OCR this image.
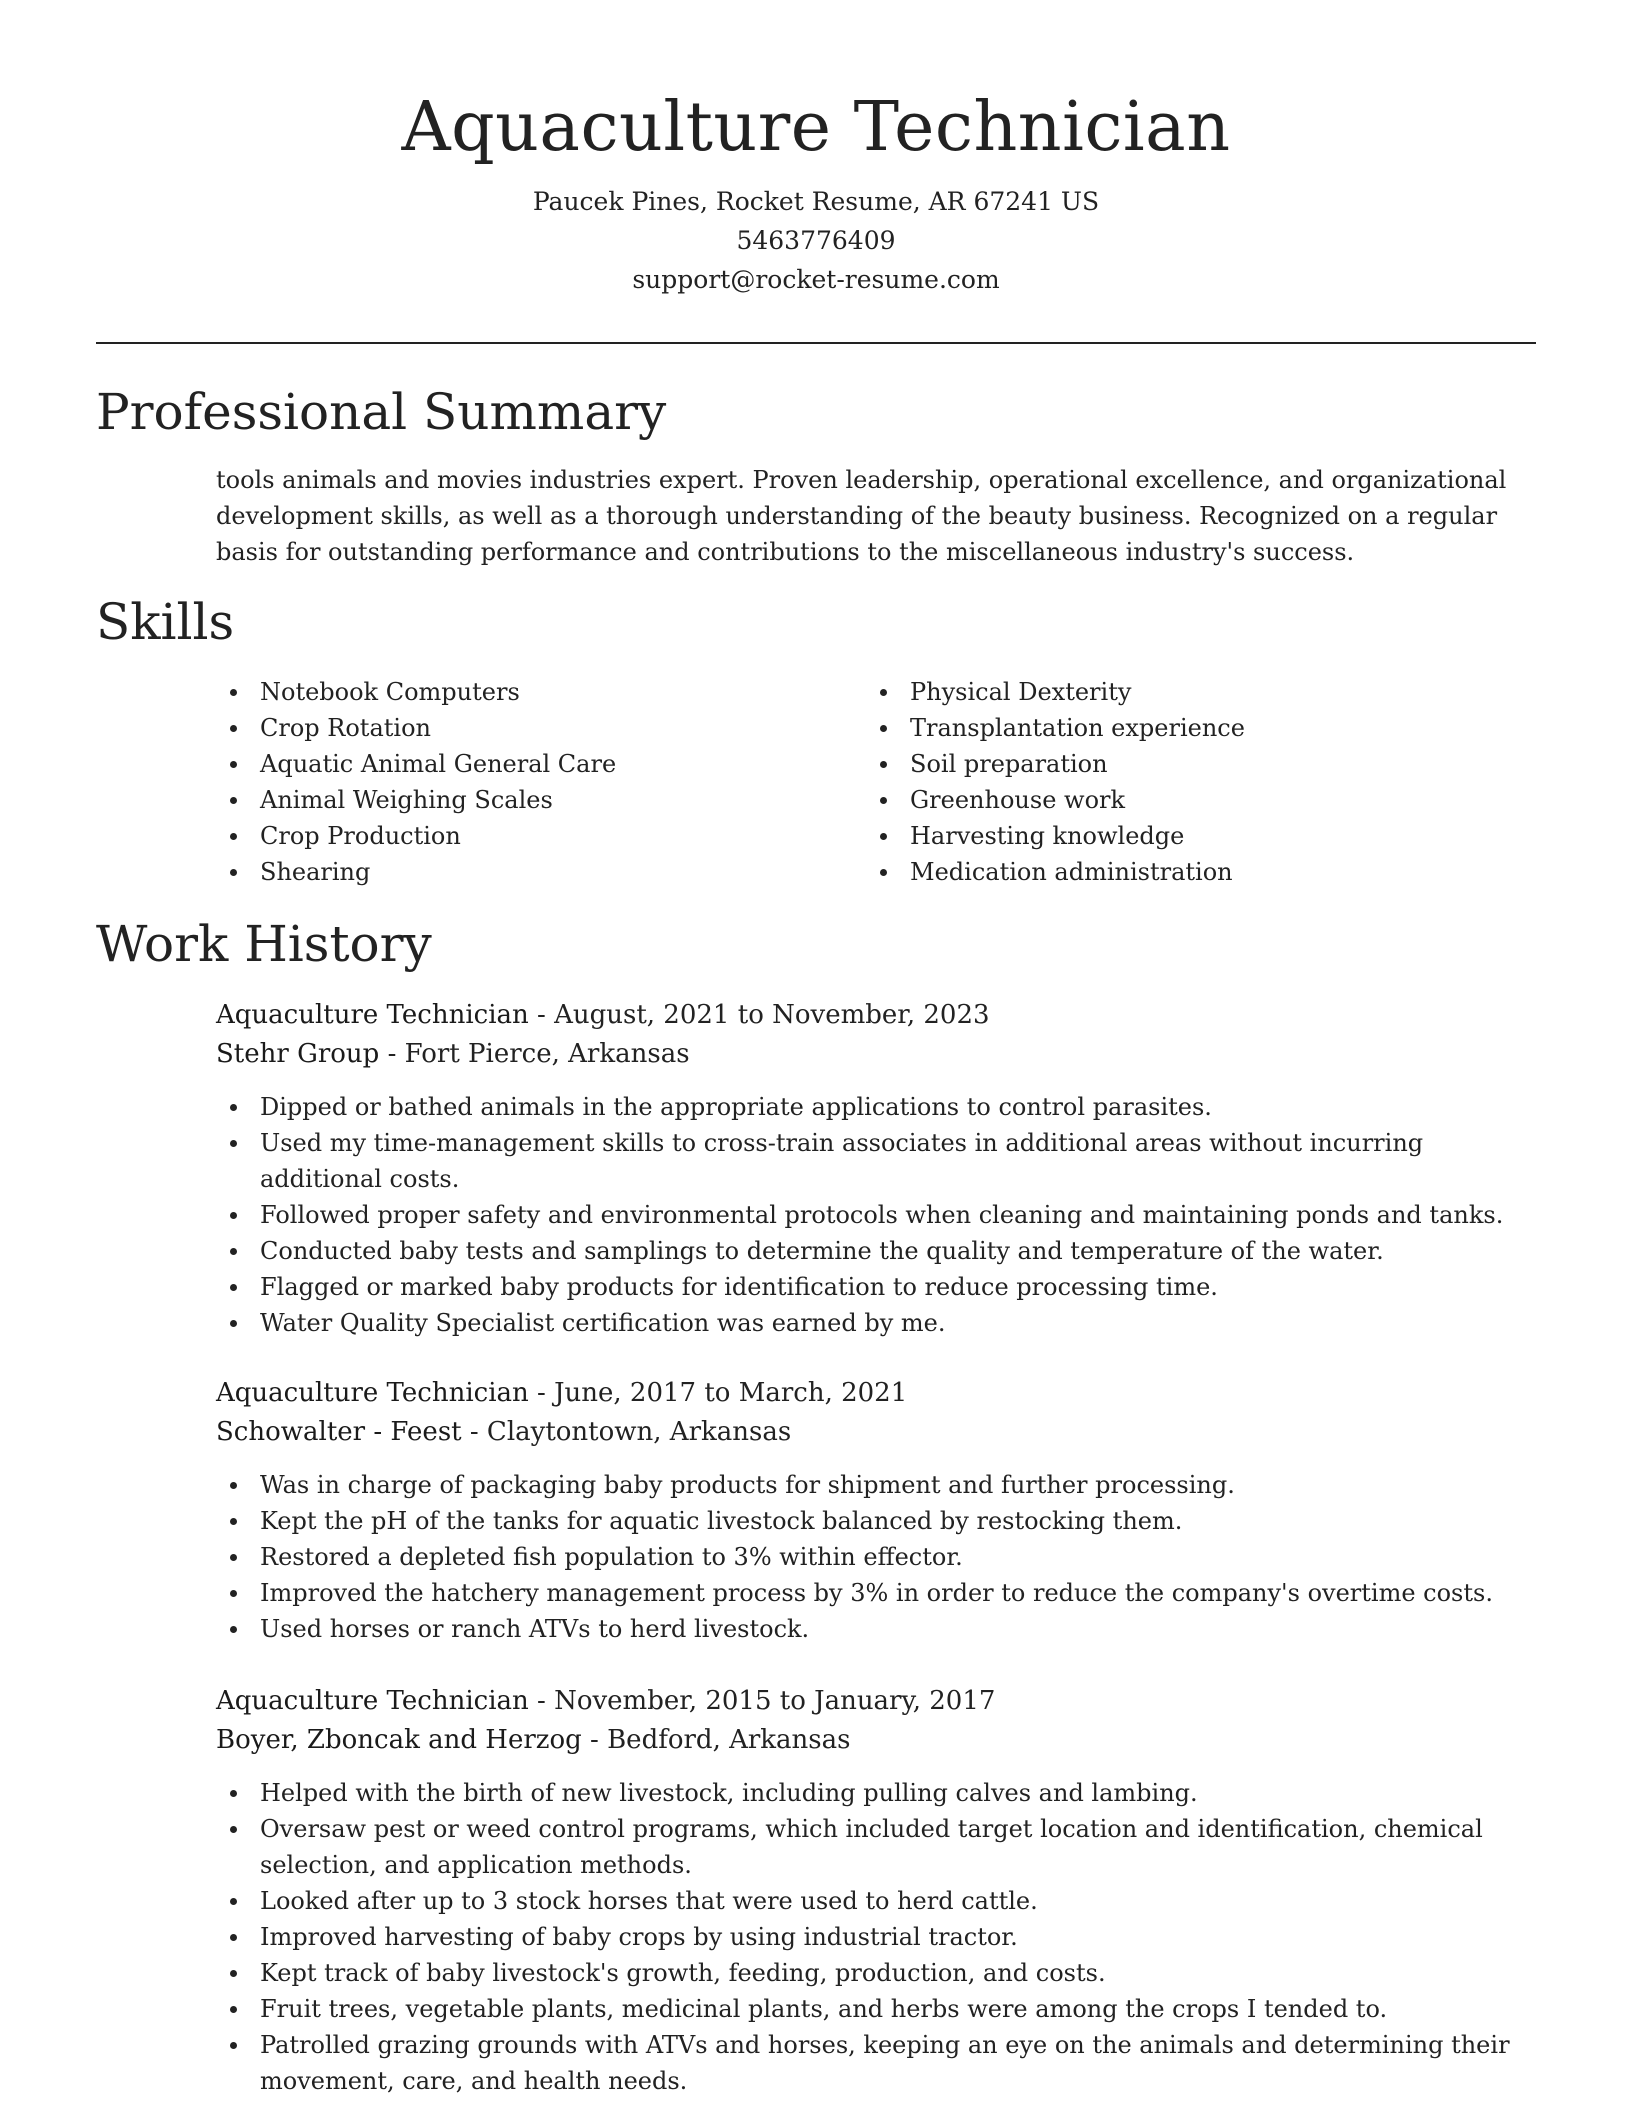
Aquaculture Technician
Paucek Pines, Rocket Resume, AR 67241 US
5463776409
support@rocket-resume.com
Professional Summary

tools animals and movies industries expert. Proven leadership, operational excellence, and organizational development skills, as well as a thorough understanding of the beauty business. Recognized on a regular basis for outstanding performance and contributions to the miscellaneous industry's success.

Skills
Notebook Computers
Crop Rotation
Aquatic Animal General Care
Animal Weighing Scales
Crop Production
Shearing
Physical Dexterity
Transplantation experience
Soil preparation
Greenhouse work
Harvesting knowledge
Medication administration
Work History
Aquaculture Technician - August, 2021 to November, 2023
Stehr Group - Fort Pierce, Arkansas
Dipped or bathed animals in the appropriate applications to control parasites.
Used my time-management skills to cross-train associates in additional areas without incurring additional costs.
Followed proper safety and environmental protocols when cleaning and maintaining ponds and tanks.
Conducted baby tests and samplings to determine the quality and temperature of the water.
Flagged or marked baby products for identification to reduce processing time.
Water Quality Specialist certification was earned by me.
Aquaculture Technician - June, 2017 to March, 2021
Schowalter - Feest - Claytontown, Arkansas
Was in charge of packaging baby products for shipment and further processing.
Kept the pH of the tanks for aquatic livestock balanced by restocking them.
Restored a depleted fish population to 3% within effector.
Improved the hatchery management process by 3% in order to reduce the company's overtime costs.
Used horses or ranch ATVs to herd livestock.
Aquaculture Technician - November, 2015 to January, 2017
Boyer, Zboncak and Herzog - Bedford, Arkansas
Helped with the birth of new livestock, including pulling calves and lambing.
Oversaw pest or weed control programs, which included target location and identification, chemical selection, and application methods.
Looked after up to 3 stock horses that were used to herd cattle.
Improved harvesting of baby crops by using industrial tractor.
Kept track of baby livestock's growth, feeding, production, and costs.
Fruit trees, vegetable plants, medicinal plants, and herbs were among the crops I tended to.
Patrolled grazing grounds with ATVs and horses, keeping an eye on the animals and determining their movement, care, and health needs.
